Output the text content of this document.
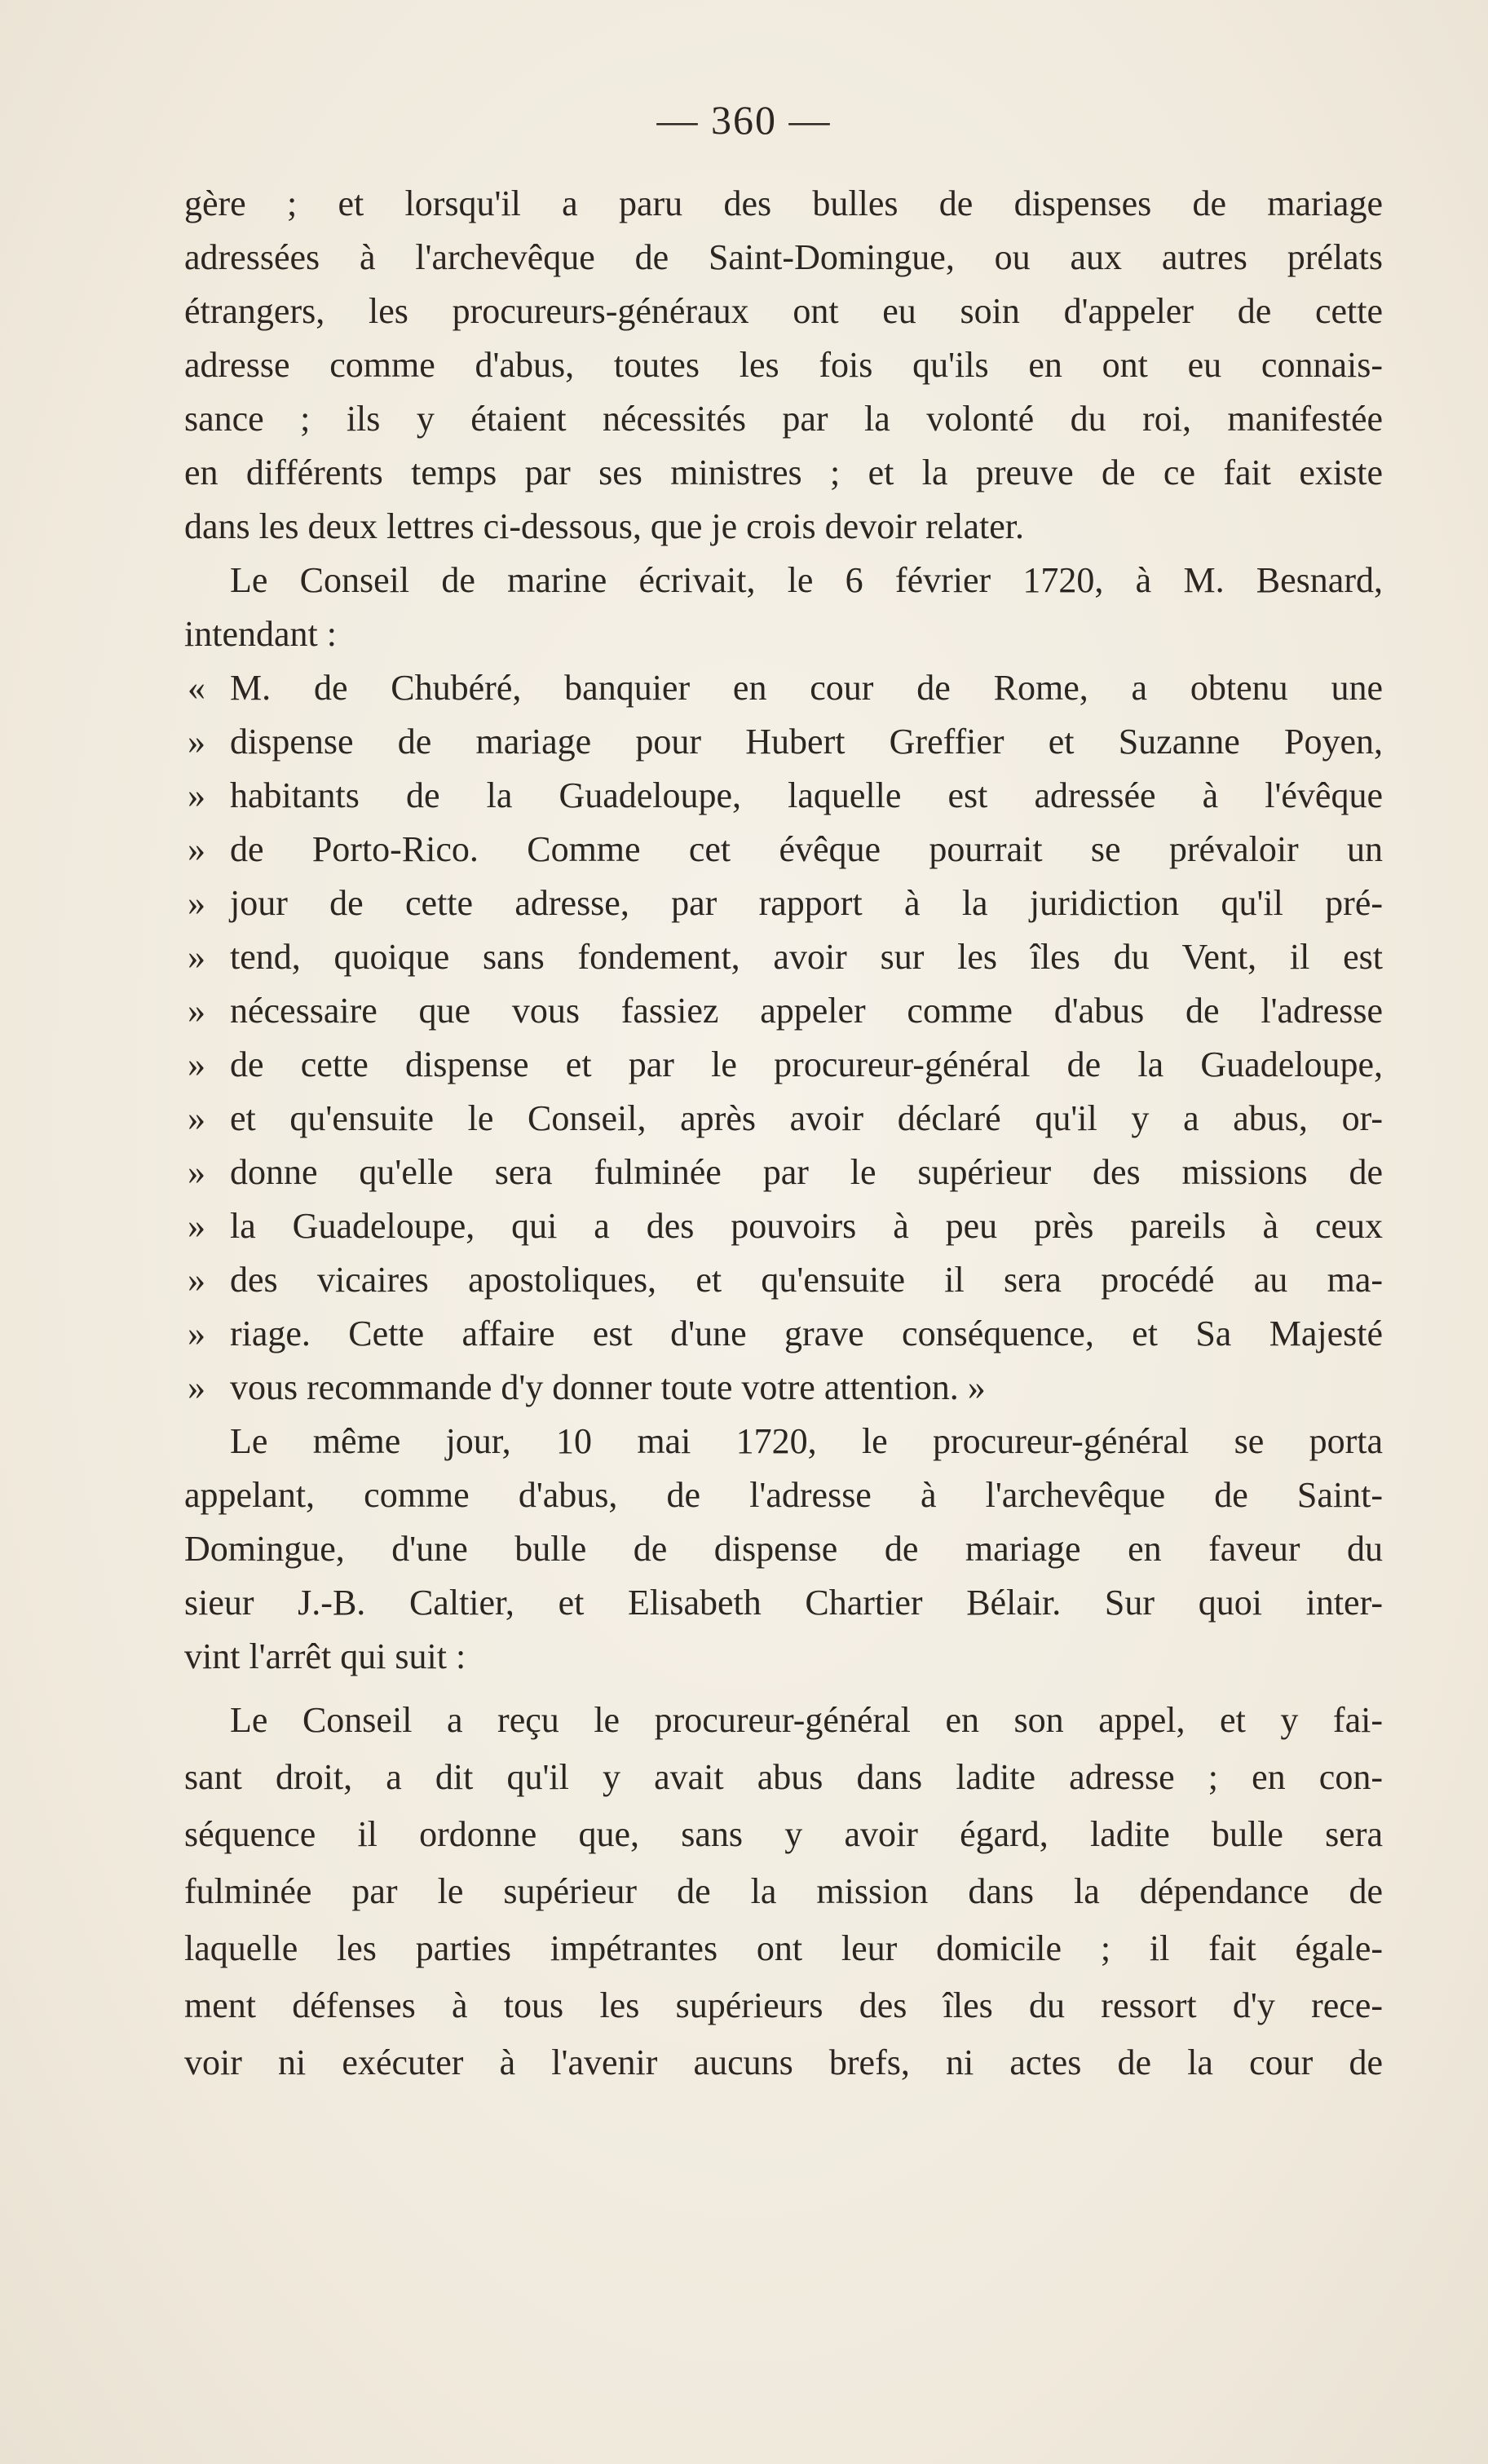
— 360 —
gère ; et lorsqu'il a paru des bulles de dispenses de mariage
adressées à l'archevêque de Saint-Domingue, ou aux autres prélats
étrangers, les procureurs-généraux ont eu soin d'appeler de cette
adresse comme d'abus, toutes les fois qu'ils en ont eu connais-
sance ; ils y étaient nécessités par la volonté du roi, manifestée
en différents temps par ses ministres ; et la preuve de ce fait existe
dans les deux lettres ci-dessous, que je crois devoir relater.
Le Conseil de marine écrivait, le 6 février 1720, à M. Besnard,
intendant :
« M. de Chubéré, banquier en cour de Rome, a obtenu une
» dispense de mariage pour Hubert Greffier et Suzanne Poyen,
» habitants de la Guadeloupe, laquelle est adressée à l'évêque
» de Porto-Rico. Comme cet évêque pourrait se prévaloir un
» jour de cette adresse, par rapport à la juridiction qu'il pré-
» tend, quoique sans fondement, avoir sur les îles du Vent, il est
» nécessaire que vous fassiez appeler comme d'abus de l'adresse
» de cette dispense et par le procureur-général de la Guadeloupe,
» et qu'ensuite le Conseil, après avoir déclaré qu'il y a abus, or-
» donne qu'elle sera fulminée par le supérieur des missions de
» la Guadeloupe, qui a des pouvoirs à peu près pareils à ceux
» des vicaires apostoliques, et qu'ensuite il sera procédé au ma-
» riage. Cette affaire est d'une grave conséquence, et Sa Majesté
» vous recommande d'y donner toute votre attention. »
Le même jour, 10 mai 1720, le procureur-général se porta
appelant, comme d'abus, de l'adresse à l'archevêque de Saint-
Domingue, d'une bulle de dispense de mariage en faveur du
sieur J.-B. Caltier, et Elisabeth Chartier Bélair. Sur quoi inter-
vint l'arrêt qui suit :
Le Conseil a reçu le procureur-général en son appel, et y fai-
sant droit, a dit qu'il y avait abus dans ladite adresse ; en con-
séquence il ordonne que, sans y avoir égard, ladite bulle sera
fulminée par le supérieur de la mission dans la dépendance de
laquelle les parties impétrantes ont leur domicile ; il fait égale-
ment défenses à tous les supérieurs des îles du ressort d'y rece-
voir ni exécuter à l'avenir aucuns brefs, ni actes de la cour de
